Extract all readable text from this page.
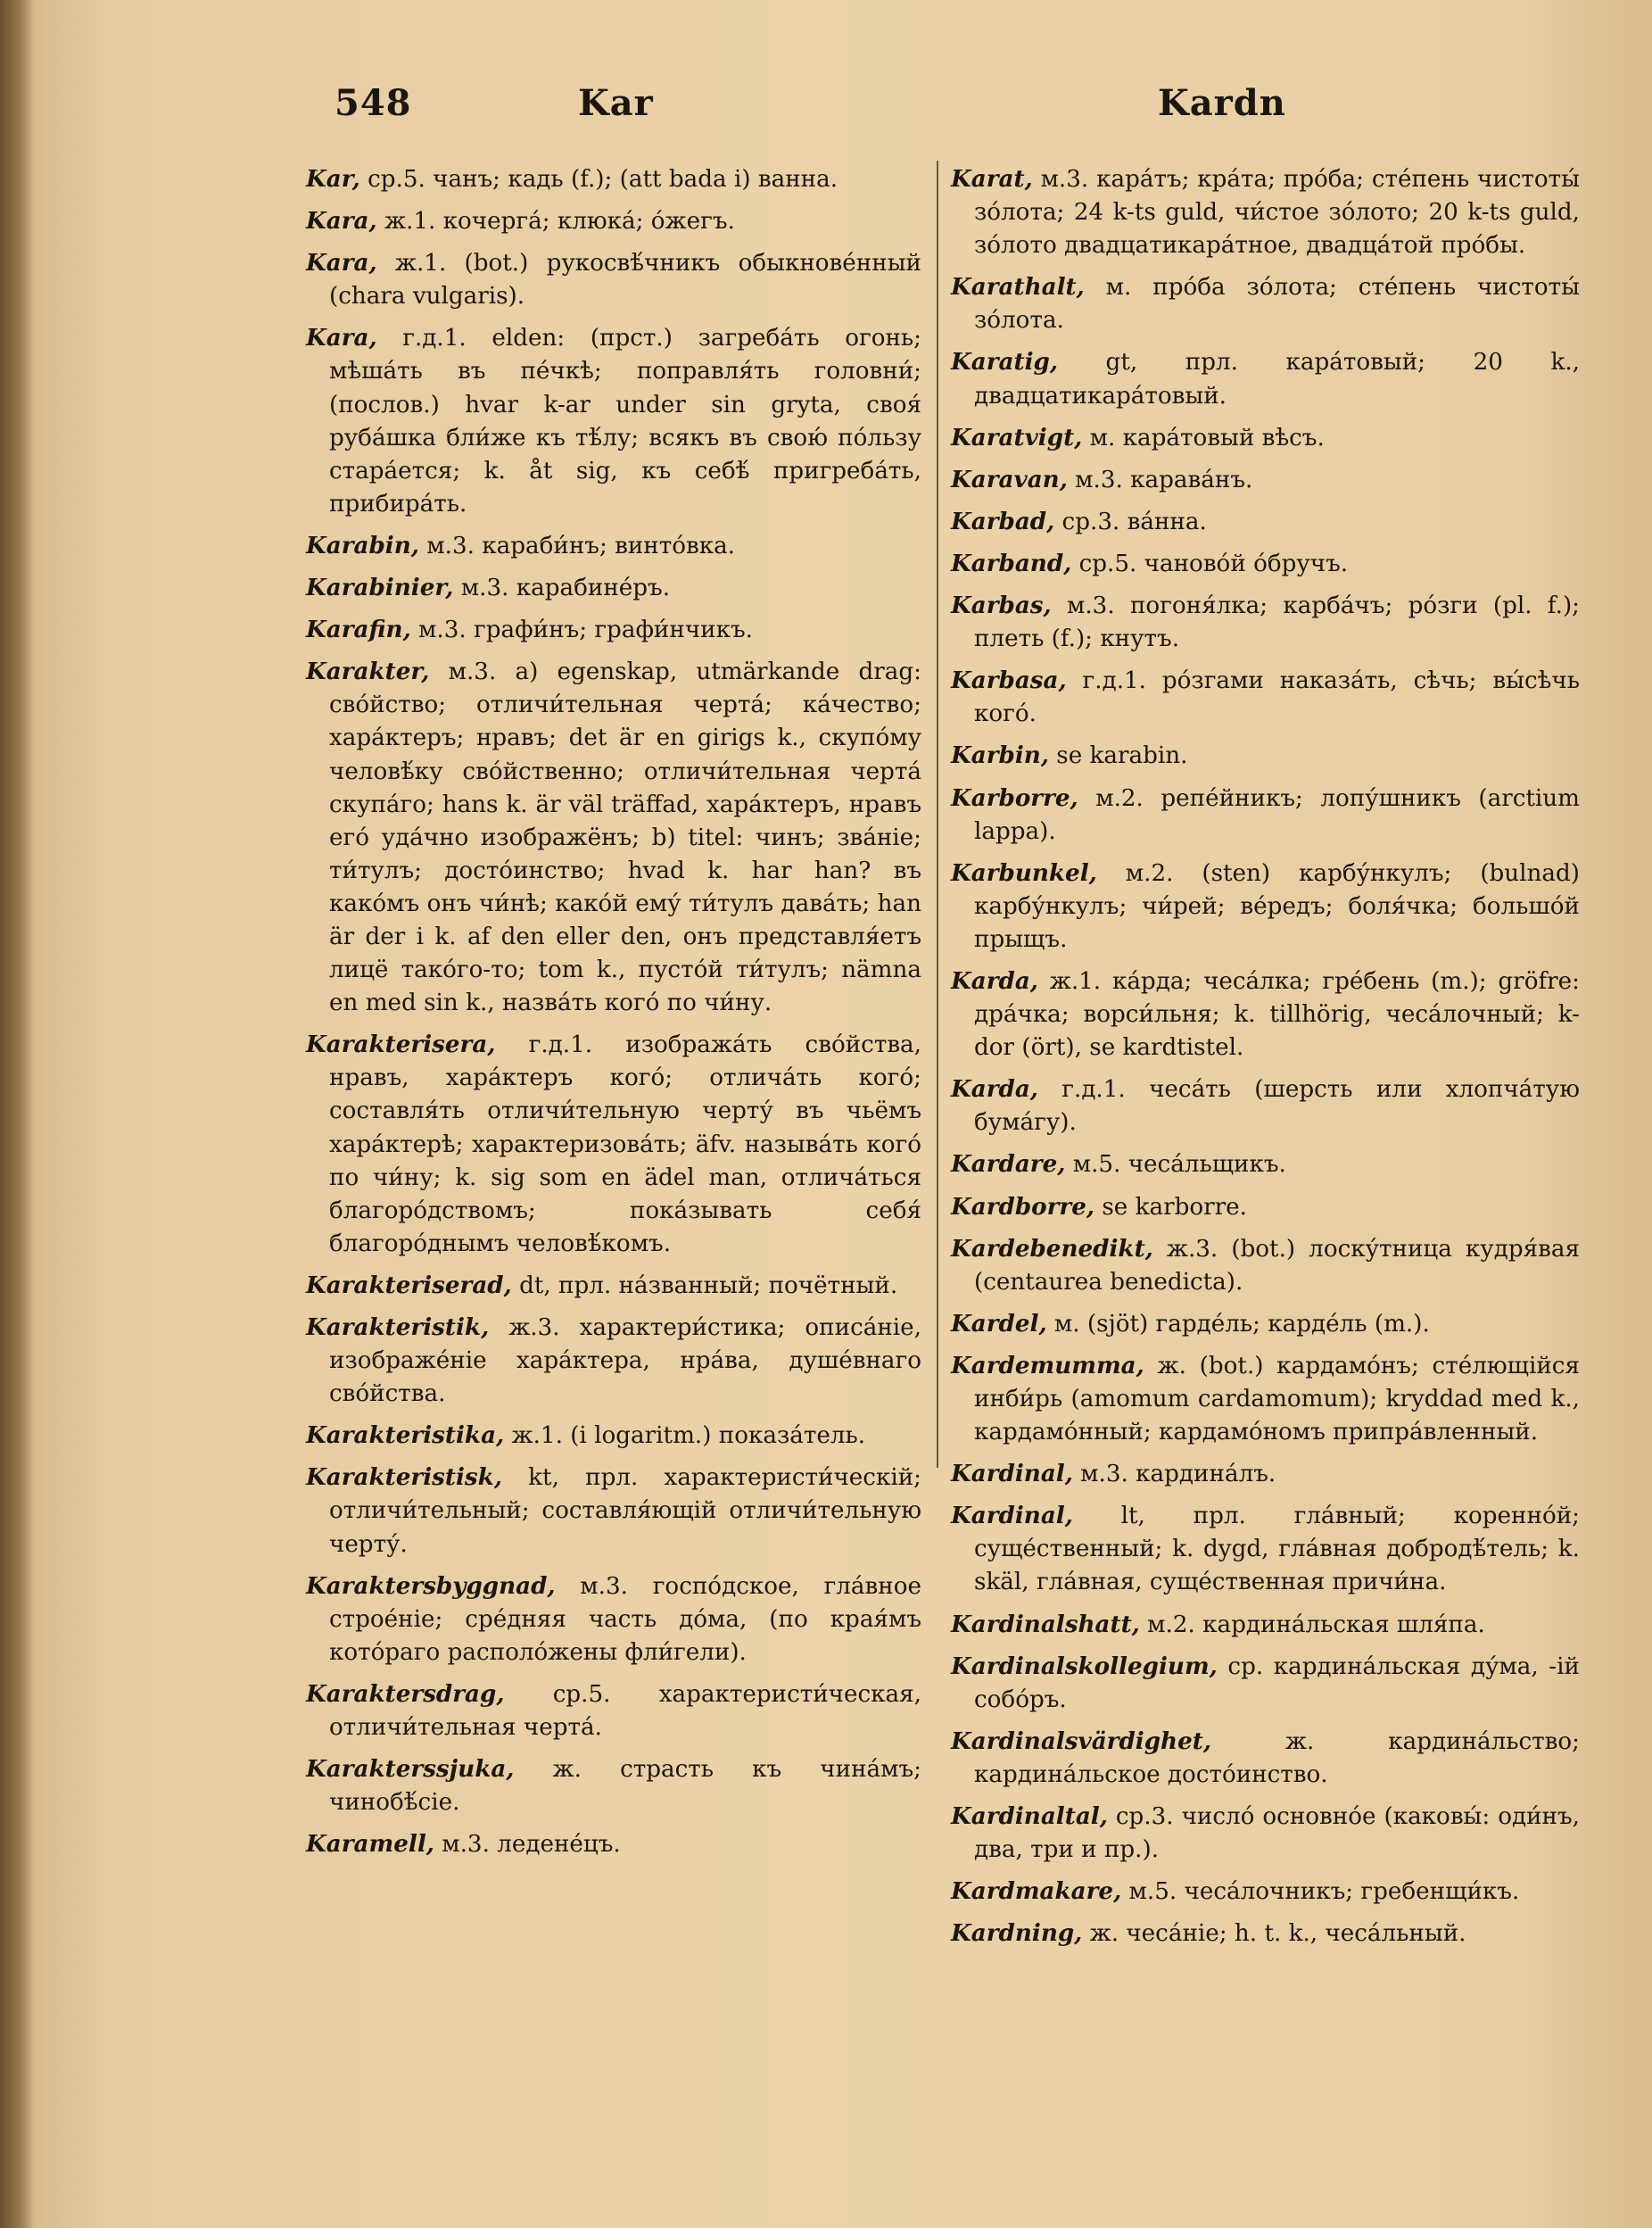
548	Kar	Kardn

Kar, ср.5. чанъ; кадь (f.); (att bada i) ванна.

Kara, ж.1. кочерга́; клюка́; о́жегъ.

Kara, ж.1. (bot.) рукосвѣ́чникъ обыкнове́нный (chara vulgaris).

Kara, г.д.1. elden: (прст.) загреба́ть огонь; мѣша́ть въ пе́чкѣ; поправля́ть головни́; (послов.) hvar k-ar under sin gryta, своя́ руба́шка бли́же къ тѣ́лу; всякъ въ свою́ по́льзу стара́ется; k. åt sig, къ себѣ́ пригреба́ть, прибира́ть.

Karabin, м.3. караби́нъ; винто́вка.

Karabinier, м.3. карабине́ръ.

Karafin, м.3. графи́нъ; графи́нчикъ.

Karakter, м.3. a) egenskap, utmärkande drag: сво́йство; отличи́тельная черта́; ка́чество; хара́ктеръ; нравъ; det är en girigs k., скупо́му человѣ́ку сво́йственно; отличи́тельная черта́ скупа́го; hans k. är väl träffad, хара́ктеръ, нравъ его́ уда́чно изображёнъ; b) titel: чинъ; зва́ніе; ти́тулъ; досто́инство; hvad k. har han? въ како́мъ онъ чи́нѣ; како́й ему́ ти́тулъ дава́ть; han är der i k. af den eller den, онъ представля́етъ лицё тако́го-то; tom k., пусто́й ти́тулъ; nämna en med sin k., назва́ть кого́ по чи́ну.

Karakterisera, г.д.1. изобража́ть сво́йства, нравъ, хара́ктеръ кого́; отлича́ть кого́; составля́ть отличи́тельную черту́ въ чьёмъ хара́ктерѣ; характеризова́ть; äfv. называ́ть кого́ по чи́ну; k. sig som en ädel man, отлича́ться благоро́дствомъ; пока́зывать себя́ благоро́днымъ человѣ́комъ.

Karakteriserad, dt, прл. на́званный; почётный.

Karakteristik, ж.3. характери́стика; описа́ніе, изображе́ніе хара́ктера, нра́ва, душе́внаго сво́йства.

Karakteristika, ж.1. (i logaritm.) показа́тель.

Karakteristisk, kt, прл. характеристи́ческій; отличи́тельный; составля́ющій отличи́тельную черту́.

Karaktersbyggnad, м.3. госпо́дское, гла́вное строе́ніе; сре́дняя часть до́ма, (по края́мъ кото́раго располо́жены фли́гели).

Karaktersdrag, ср.5. характеристи́ческая, отличи́тельная черта́.

Karakterssjuka, ж. страсть къ чина́мъ; чинобѣ́сіе.

Karamell, м.3. ледене́цъ.

Karat, м.3. кара́тъ; кра́та; про́ба; сте́пень чистоты́ зо́лота; 24 k-ts guld, чи́стое зо́лото; 20 k-ts guld, зо́лото двадцатикара́тное, двадца́той про́бы.

Karathalt, м. про́ба зо́лота; сте́пень чистоты́ зо́лота.

Karatig, gt, прл. кара́товый; 20 k., двадцатикара́товый.

Karatvigt, м. кара́товый вѣсъ.

Karavan, м.3. карава́нъ.

Karbad, ср.3. ва́нна.

Karband, ср.5. чаново́й о́бручъ.

Karbas, м.3. погоня́лка; карба́чъ; ро́зги (pl. f.); плеть (f.); кнутъ.

Karbasa, г.д.1. ро́згами наказа́ть, сѣчь; вы́сѣчь кого́.

Karbin, se karabin.

Karborre, м.2. репе́йникъ; лопу́шникъ (arctium lappa).

Karbunkel, м.2. (sten) карбу́нкулъ; (bulnad) карбу́нкулъ; чи́рей; ве́редъ; боля́чка; большо́й прыщъ.

Karda, ж.1. ка́рда; чеса́лка; гре́бень (m.); gröfre: дра́чка; ворси́льня; k. tillhörig, чеса́лочный; k-dor (ört), se kardtistel.

Karda, г.д.1. чеса́ть (шерсть или хлопча́тую бума́гу).

Kardare, м.5. чеса́льщикъ.

Kardborre, se karborre.

Kardebenedikt, ж.3. (bot.) лоску́тница кудря́вая (centaurea benedicta).

Kardel, м. (sjöt) гарде́ль; карде́ль (m.).

Kardemumma, ж. (bot.) кардамо́нъ; сте́лющійся инби́рь (amomum cardamomum); kryddad med k., кардамо́нный; кардамо́номъ припра́вленный.

Kardinal, м.3. кардина́лъ.

Kardinal, lt, прл. гла́вный; коренно́й; суще́ственный; k. dygd, гла́вная добродѣ́тель; k. skäl, гла́вная, суще́ственная причи́на.

Kardinalshatt, м.2. кардина́льская шля́па.

Kardinalskollegium, ср. кардина́льская ду́ма, -ій собо́ръ.

Kardinalsvärdighet, ж. кардина́льство; кардина́льское досто́инство.

Kardinaltal, ср.3. число́ основно́е (каковы́: оди́нъ, два, три и пр.).

Kardmakare, м.5. чеса́лочникъ; гребенщи́къ.

Kardning, ж. чеса́ніе; h. t. k., чеса́льный.
